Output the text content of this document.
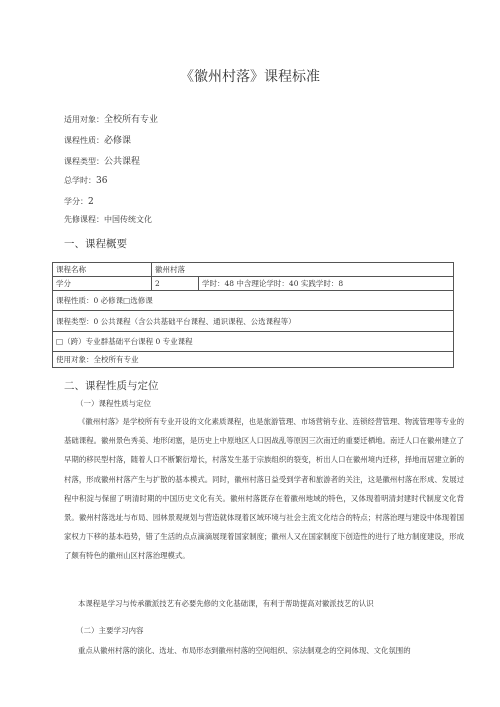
《徽州村落》课程标准
适用对象：全校所有专业
课程性质：必修课
课程类型：公共课程
总学时：36
学分：2
先修课程：中国传统文化
一、课程概要
课程名称	徽州村落	
学分	2	学时：48 中含理论学时：40 实践学时：8
课程性质：0 必修课□选修课		
课程类型：0 公共课程（含公共基础平台课程、通识课程、公选课程等）		
□（跨）专业群基础平台课程 0 专业课程		
使用对象：全校所有专业		
二、课程性质与定位
（一）课程性质与定位
《徽州村落》是学校所有专业开设的文化素质课程，也是旅游管理、市场营销专业、连锁经营管理、物流管理等专业的基础课程。徽州景色秀美、地形闭塞，是历史上中原地区人口因战乱等原因三次南迁的重要迁栖地。南迁人口在徽州建立了早期的移民型村落，随着人口不断繁衍增长，村落发生基于宗族组织的裂变，析出人口在徽州境内迁移，择地而居建立新的村落，形成徽州村落产生与扩散的基本模式。同时，徽州村落日益受到学者和旅游者的关注，这是徽州村落在形成、发展过程中积淀与保留了明清时期的中国历史文化有关。徽州村落既存在着徽州地域的特色，又体现着明清封建时代制度文化背景。徽州村落选址与布局、园林景观规划与营造就体现着区域环境与社会主流文化结合的特点；村落治理与建设中体现着国家权力下移的基本趋势，错了生活的点点滴滴展现着国家制度；徽州人又在国家制度下创造性的进行了地方制度建设，形成了颇有特色的徽州山区村落治理模式。
本课程是学习与传承徽派技艺有必要先修的文化基础课，有利于帮助提高对徽派技艺的认识
（二）主要学习内容
重点从徽州村落的演化、选址、布局形态到徽州村落的空间组织、宗法制观念的空间体现、文化氛围的
